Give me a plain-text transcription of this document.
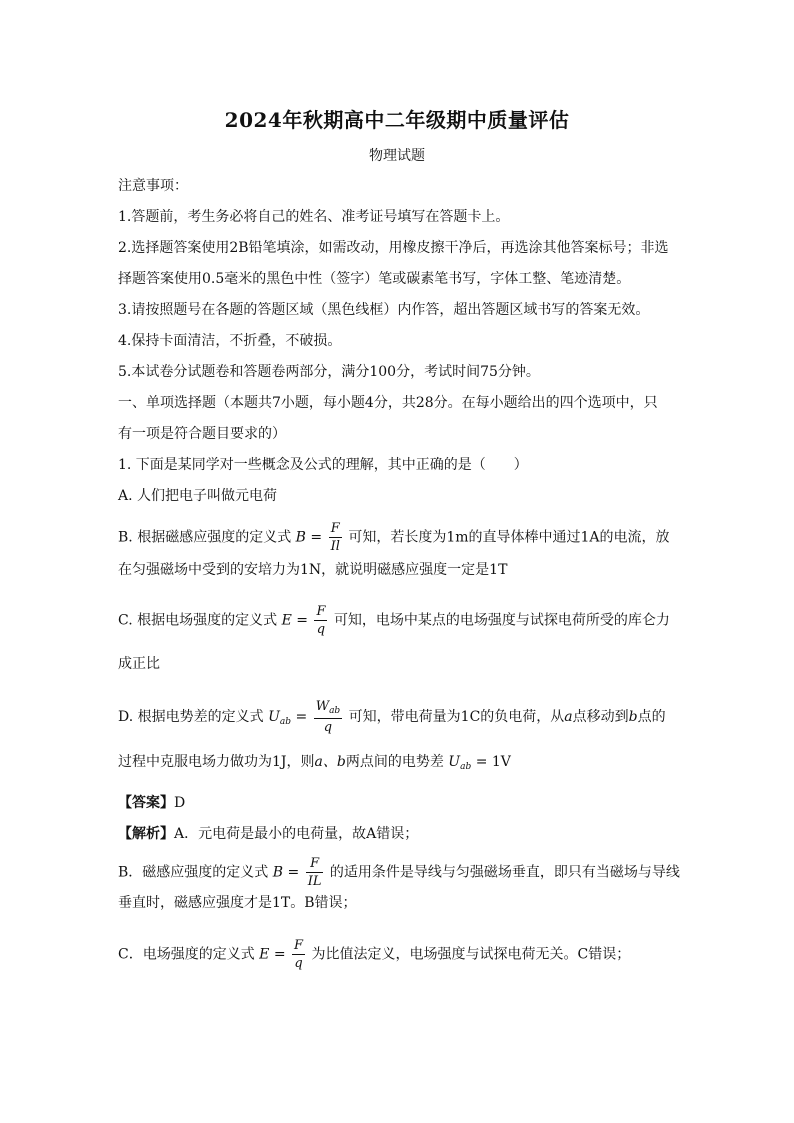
2024年秋期高中二年级期中质量评估
物理试题
注意事项：
1.答题前，考生务必将自己的姓名、准考证号填写在答题卡上。
2.选择题答案使用2B铅笔填涂，如需改动，用橡皮擦干净后，再选涂其他答案标号；非选
择题答案使用0.5毫米的黑色中性（签字）笔或碳素笔书写，字体工整、笔迹清楚。
3.请按照题号在各题的答题区域（黑色线框）内作答，超出答题区域书写的答案无效。
4.保持卡面清洁，不折叠，不破损。
5.本试卷分试题卷和答题卷两部分，满分100分，考试时间75分钟。
一、单项选择题（本题共7小题，每小题4分，共28分。在每小题给出的四个选项中，只
有一项是符合题目要求的）
1. 下面是某同学对一些概念及公式的理解，其中正确的是（　　）
A. 人们把电子叫做元电荷
B. 根据磁感应强度的定义式 $B = \frac{F}{Il}$ 可知，若长度为1m的直导体棒中通过1A的电流，放
在匀强磁场中受到的安培力为1N，就说明磁感应强度一定是1T
C. 根据电场强度的定义式 $E = \frac{F}{q}$ 可知，电场中某点的电场强度与试探电荷所受的库仑力
成正比
D. 根据电势差的定义式 $U_{ab} = \frac{W_{ab}}{q}$ 可知，带电荷量为1C的负电荷，从a点移动到b点的
过程中克服电场力做功为1J，则a、b两点间的电势差 $U_{ab} = 1V$
【答案】D
【解析】A．元电荷是最小的电荷量，故A错误；
B．磁感应强度的定义式 $B = \frac{F}{IL}$ 的适用条件是导线与匀强磁场垂直，即只有当磁场与导线
垂直时，磁感应强度才是1T。B错误；
C．电场强度的定义式 $E = \frac{F}{q}$ 为比值法定义，电场强度与试探电荷无关。C错误；
